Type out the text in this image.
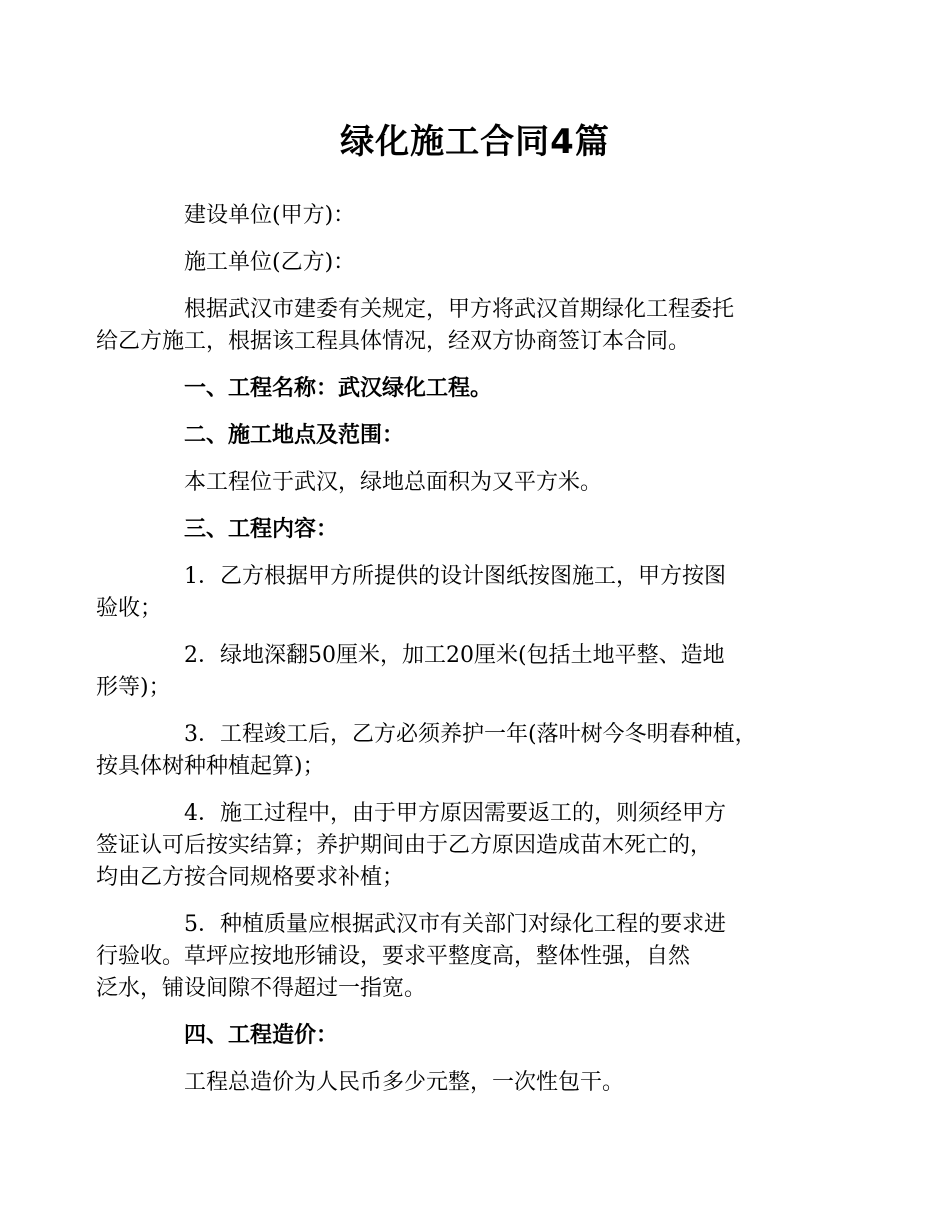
绿化施工合同4篇

建设单位(甲方)：

施工单位(乙方)：

根据武汉市建委有关规定，甲方将武汉首期绿化工程委托
给乙方施工，根据该工程具体情况，经双方协商签订本合同。

一、工程名称：武汉绿化工程。

二、施工地点及范围：

本工程位于武汉，绿地总面积为又平方米。

三、工程内容：

1．乙方根据甲方所提供的设计图纸按图施工，甲方按图
验收；

2．绿地深翻50厘米，加工20厘米(包括土地平整、造地
形等)；

3．工程竣工后，乙方必须养护一年(落叶树今冬明春种植，
按具体树种种植起算)；

4．施工过程中，由于甲方原因需要返工的，则须经甲方
签证认可后按实结算；养护期间由于乙方原因造成苗木死亡的，
均由乙方按合同规格要求补植；

5．种植质量应根据武汉市有关部门对绿化工程的要求进
行验收。草坪应按地形铺设，要求平整度高，整体性强，自然
泛水，铺设间隙不得超过一指宽。

四、工程造价：

工程总造价为人民币多少元整，一次性包干。
